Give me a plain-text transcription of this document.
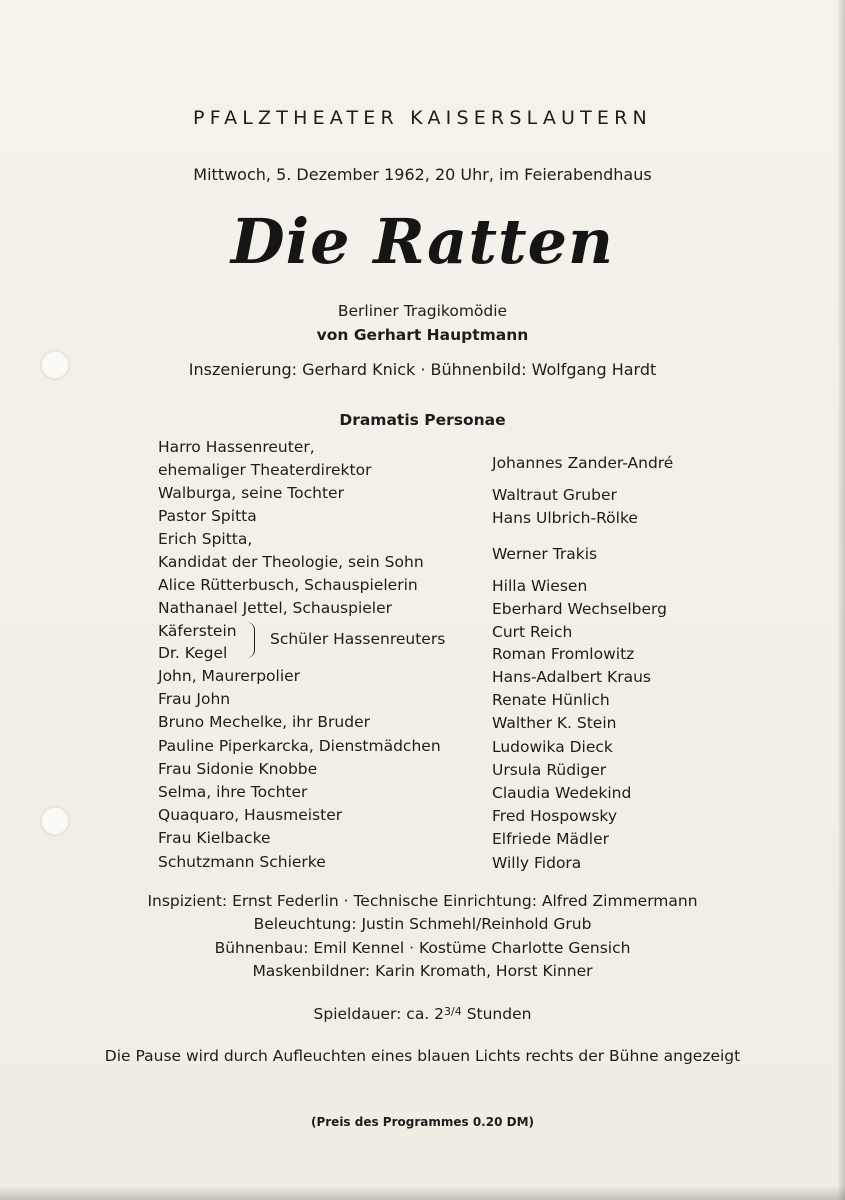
PFALZTHEATER KAISERSLAUTERN
Mittwoch, 5. Dezember 1962, 20 Uhr, im Feierabendhaus
Die Ratten
Berliner Tragikomödie
von Gerhart Hauptmann
Inszenierung: Gerhard Knick · Bühnenbild: Wolfgang Hardt
Dramatis Personae
Harro Hassenreuter,
ehemaliger Theaterdirektor
Walburga, seine Tochter
Pastor Spitta
Erich Spitta,
Kandidat der Theologie, sein Sohn
Alice Rütterbusch, Schauspielerin
Nathanael Jettel, Schauspieler
Käferstein
Dr. Kegel
Schüler Hassenreuters
John, Maurerpolier
Frau John
Bruno Mechelke, ihr Bruder
Pauline Piperkarcka, Dienstmädchen
Frau Sidonie Knobbe
Selma, ihre Tochter
Quaquaro, Hausmeister
Frau Kielbacke
Schutzmann Schierke
Johannes Zander-André
Waltraut Gruber
Hans Ulbrich-Rölke
Werner Trakis
Hilla Wiesen
Eberhard Wechselberg
Curt Reich
Roman Fromlowitz
Hans-Adalbert Kraus
Renate Hünlich
Walther K. Stein
Ludowika Dieck
Ursula Rüdiger
Claudia Wedekind
Fred Hospowsky
Elfriede Mädler
Willy Fidora
Inspizient: Ernst Federlin · Technische Einrichtung: Alfred Zimmermann
Beleuchtung: Justin Schmehl/Reinhold Grub
Bühnenbau: Emil Kennel · Kostüme Charlotte Gensich
Maskenbildner: Karin Kromath, Horst Kinner
Spieldauer: ca. $2^{3/4}$ Stunden
Die Pause wird durch Aufleuchten eines blauen Lichts rechts der Bühne angezeigt
(Preis des Programmes 0.20 DM)
